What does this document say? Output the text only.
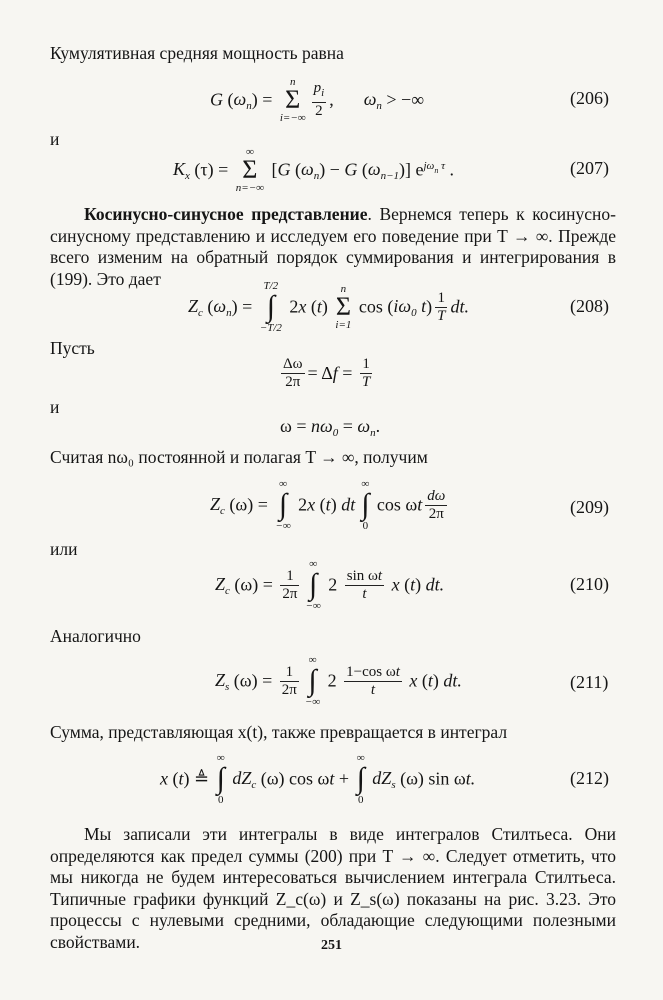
Кумулятивная средняя мощность равна
G $(\omega_n)$ =
n
Σ
$i=-\infty \frac{p_i}{2}$ , $\omega_n$ > −∞	(206)
и
$K_x$ (τ) =
∞
Σ
n=−∞
[G $(\omega_n) - G$ $(\omega_{n-1})$] $e^{j\omega_n \tau}$ .	(207)
Косинусно-синусное представление. Вернемся теперь к косинусно-синусному представлению и исследуем его поведение при T → ∞. Прежде всего изменим на обратный порядок суммирования и интегрирования в (199). Это дает
$Z_c$ $(\omega_n)$ =
T/2
∫
−T/2
2x (t)
n
Σ
i=1
$\cos (i\omega_0$ $t) \frac{1}{T}$ dt.	(208)
Пусть
$\frac{\Delta\omega}{2\pi} = \Delta f = \frac{1}{T}$
и
$\omega = n\omega_0 = \omega_n$.
Считая nω₀ постоянной и полагая T → ∞, получим
$Z_c$ (ω) =
∞
∫
−∞
2x (t) dt
∞
∫
0
cos ωt $\frac{d\omega}{2\pi}$	(209)
или
$Z_c$ $(\omega) = \frac{1}{2\pi}$
∞
∫
−∞
$2 \frac{\text{sin ωt}}{t}$ x (t) dt.	(210)
Аналогично
$Z_s$ $(\omega) = \frac{1}{2\pi}$
∞
∫
−∞
$2 \frac{\text{1−cos ωt}}{t}$ x (t) dt.	(211)
Сумма, представляющая x(t), также превращается в интеграл
x (t) ≜
∞
∫
0
$dZ_c$ (ω) cos ωt +
∞
∫
0
$dZ_s$ (ω) sin ωt.	(212)
Мы записали эти интегралы в виде интегралов Стилтьеса. Они определяются как предел суммы (200) при T → ∞. Следует отметить, что мы никогда не будем интересоваться вычислением интеграла Стилтьеса. Типичные графики функций Z_c(ω) и Z_s(ω) показаны на рис. 3.23. Это процессы с нулевыми средними, обладающие следующими полезными свойствами.	251
